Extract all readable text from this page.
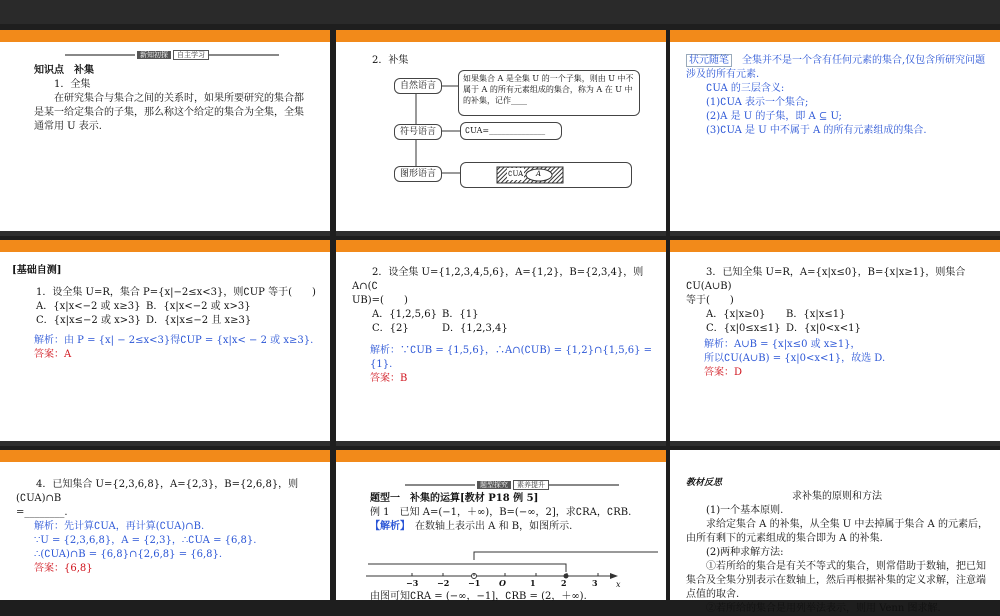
新知初探	自主学习

知识点　补集

1．全集

在研究集合与集合之间的关系时，如果所要研究的集合都是某一给定集合的子集，那么称这个给定的集合为全集，全集通常用 U 表示.

2．补集

自然语言
符号语言
图形语言
如果集合 A 是全集 U 的一个子集，则由 U 中不属于 A 的所有元素组成的集合，称为 A 在 U 中的补集，记作____
∁UA=______________
∁UA A

状元随笔　 全集并不是一个含有任何元素的集合,仅包含所研究问题涉及的所有元素.

∁UA 的三层含义:

(1)∁UA 表示一个集合;

(2)A 是 U 的子集，即 A ⊆ U;

(3)∁UA 是 U 中不属于 A 的所有元素组成的集合.

[基础自测]

1．设全集 U=R，集合 P={x|−2≤x<3}，则∁UP 等于(　　)

A．{x|x<−2 或 x≥3} B．{x|x<−2 或 x>3}

C．{x|x≤−2 或 x>3} D．{x|x≤−2 且 x≥3}

解析：由 P = {x| − 2≤x<3}得∁UP = {x|x< − 2 或 x≥3}.

答案：A

2．设全集 U={1,2,3,4,5,6}，A={1,2}，B={2,3,4}，则 A∩(∁

UB)=(　　)

A．{1,2,5,6} B．{1}

C．{2}	D．{1,2,3,4}

解析：∵∁UB = {1,5,6}，∴A∩(∁UB) = {1,2}∩{1,5,6} = {1}.

答案：B

3．已知全集 U=R，A={x|x≤0}，B={x|x≥1}，则集合∁U(A∪B)

等于(　　)

A．{x|x≥0} B．{x|x≤1}

C．{x|0≤x≤1} D．{x|0<x<1}

解析：A∪B = {x|x≤0 或 x≥1}，

所以∁U(A∪B) = {x|0<x<1}，故选 D.

答案：D

4．已知集合 U={2,3,6,8}，A={2,3}，B={2,6,8}，则(∁UA)∩B

=________.

解析：先计算∁UA，再计算(∁UA)∩B.

∵U = {2,3,6,8}，A = {2,3}，∴∁UA = {6,8}.

∴(∁UA)∩B = {6,8}∩{2,6,8} = {6,8}.

答案：{6,8}

题型探究	素养提升

题型一　补集的运算[教材 P18 例 5]

例 1　已知 A=(−1，＋∞)，B=(−∞，2]，求∁RA，∁RB.

【解析】　 在数轴上表示出 A 和 B，如图所示.

x
−3 −2 −1 O	1	2	3

由图可知∁RA = (−∞，−1]，∁RB = (2，＋∞).

教材反思

求补集的原则和方法

(1)一个基本原则.

求给定集合 A 的补集，从全集 U 中去掉属于集合 A 的元素后，由所有剩下的元素组成的集合即为 A 的补集.

(2)两种求解方法:

①若所给的集合是有关不等式的集合，则常借助于数轴，把已知集合及全集分别表示在数轴上，然后再根据补集的定义求解，注意端点值的取舍.

②若所给的集合是用列举法表示，则用 Venn 图求解.
